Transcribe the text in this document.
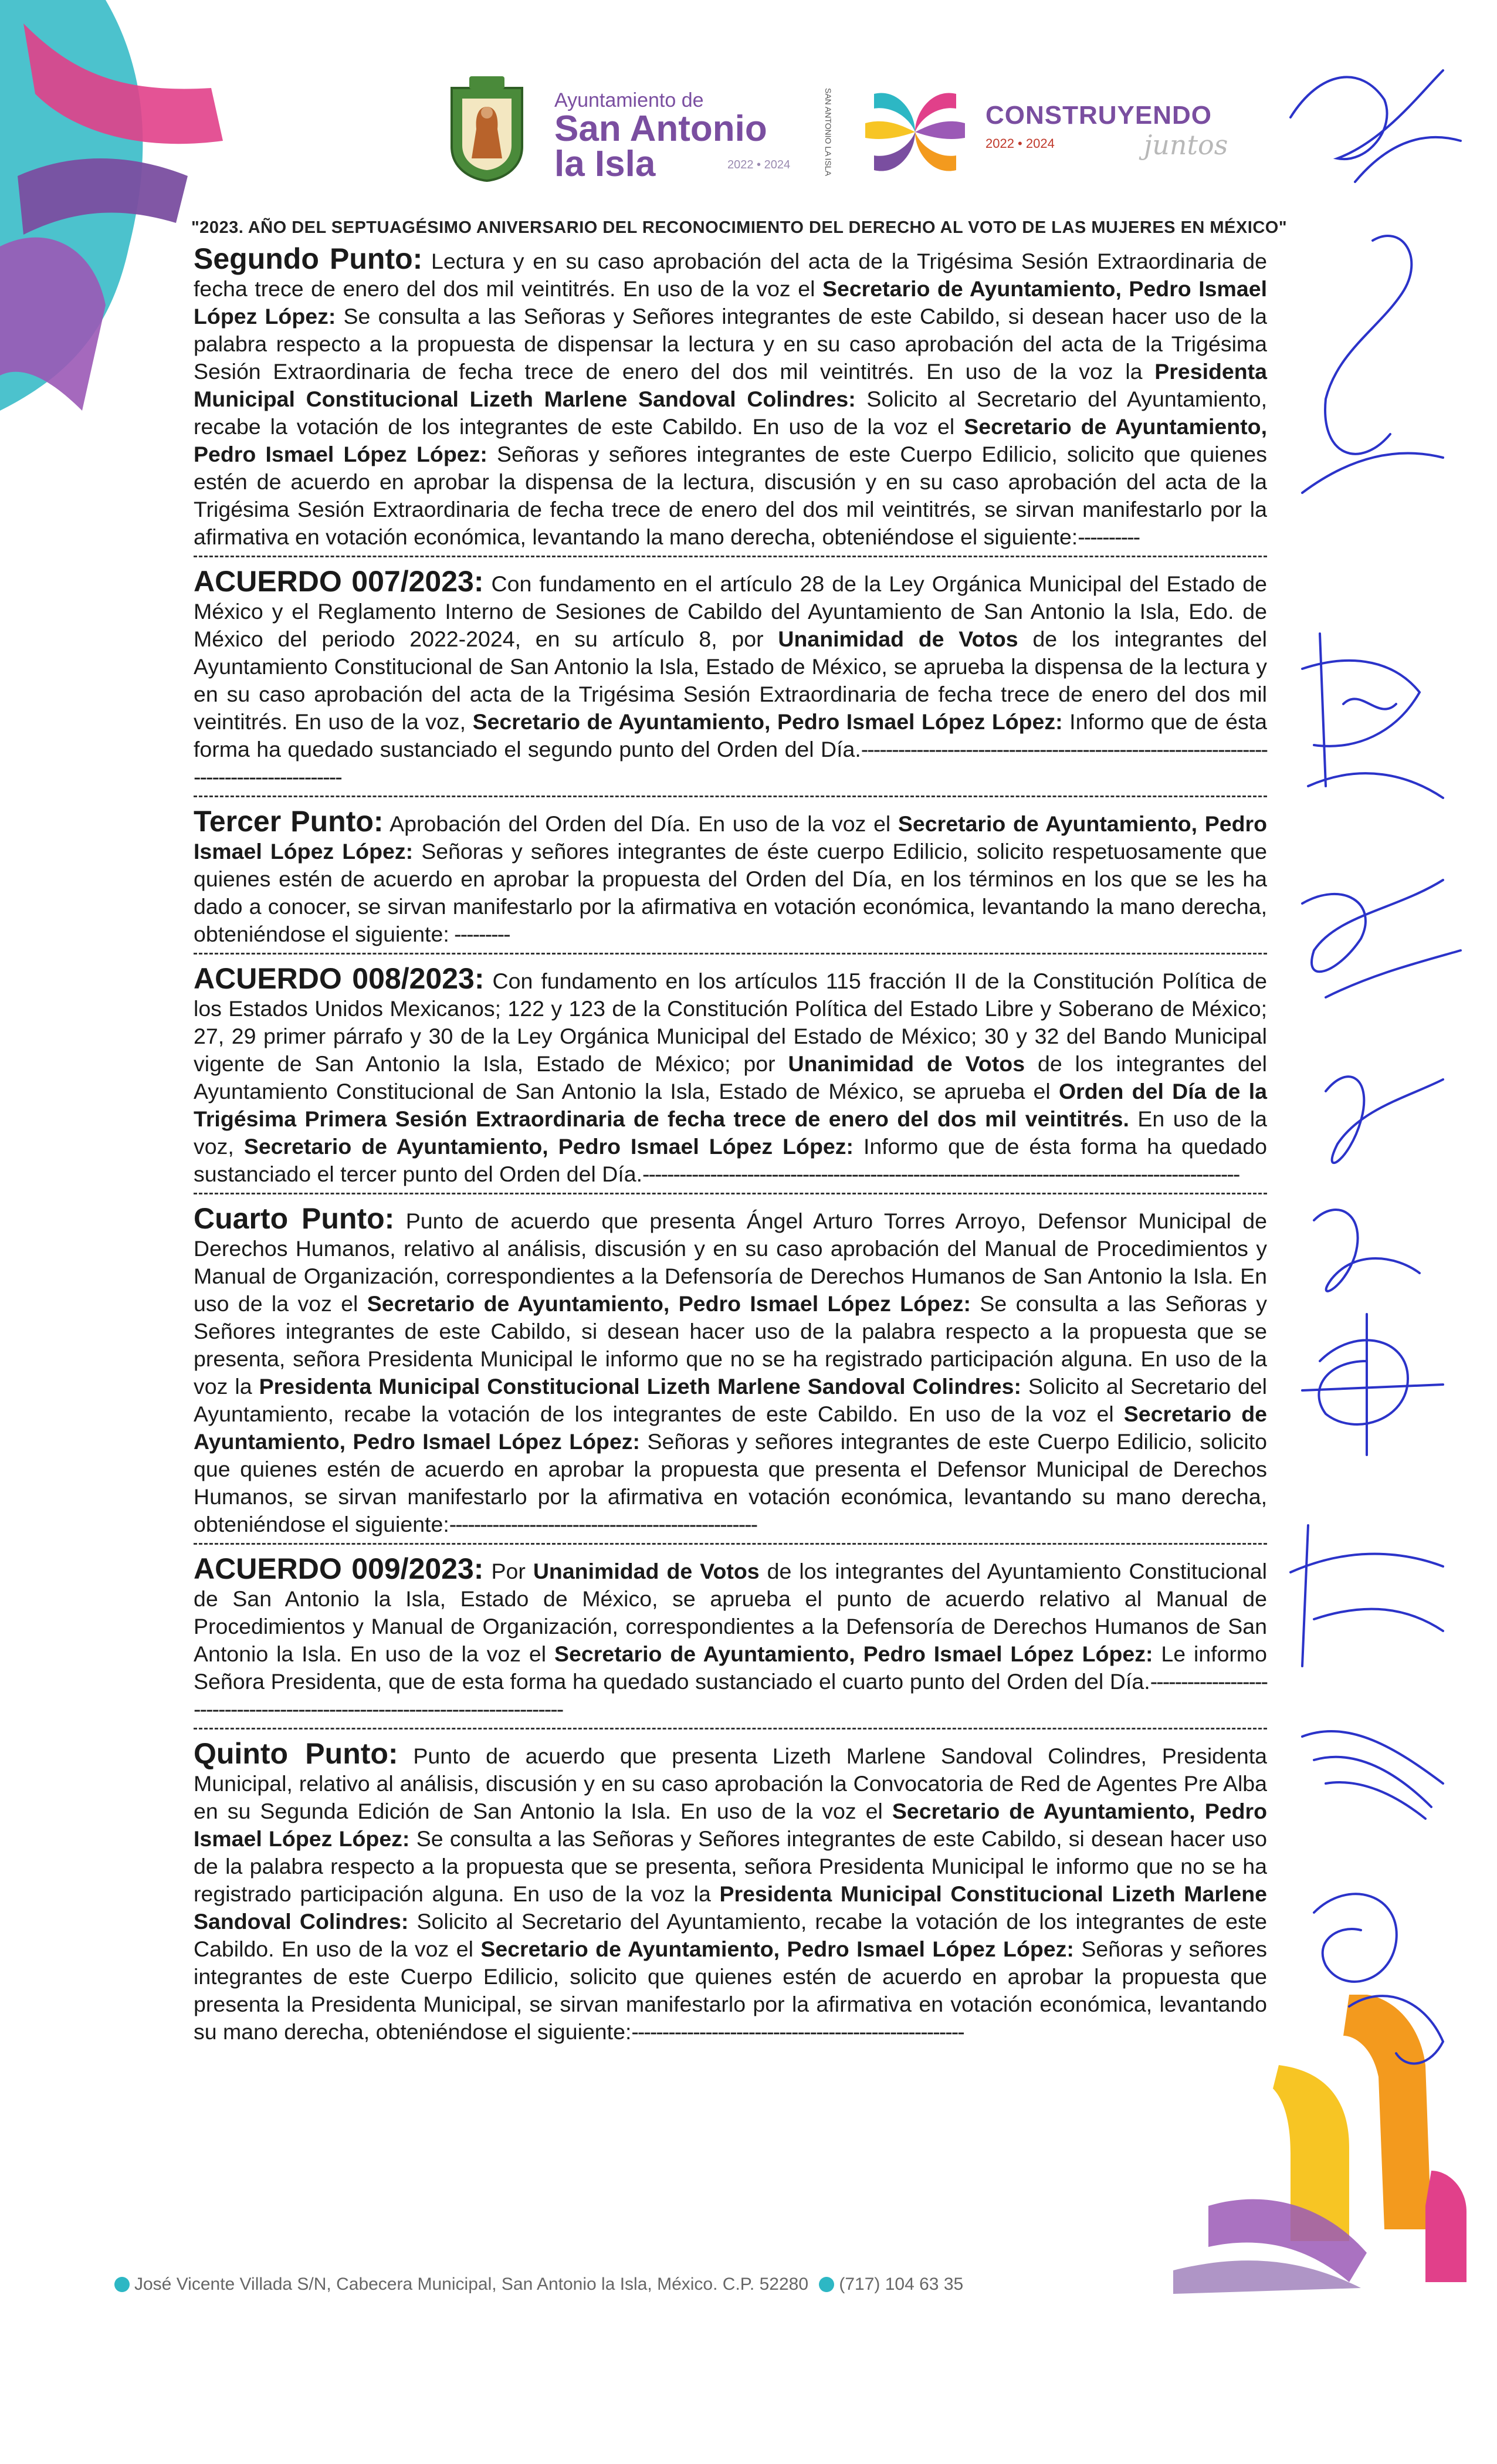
Ayuntamiento de
San Antonio
la Isla	2022 • 2024	SAN ANTONIO LA ISLA	CONSTRUYENDO
2022 • 2024	juntos
"2023. AÑO DEL SEPTUAGÉSIMO ANIVERSARIO DEL RECONOCIMIENTO DEL DERECHO AL VOTO DE LAS MUJERES EN MÉXICO"

Segundo Punto: Lectura y en su caso aprobación del acta de la Trigésima Sesión Extraordinaria de fecha trece de enero del dos mil veintitrés. En uso de la voz el Secretario de Ayuntamiento, Pedro Ismael López López: Se consulta a las Señoras y Señores integrantes de este Cabildo, si desean hacer uso de la palabra respecto a la propuesta de dispensar la lectura y en su caso aprobación del acta de la Trigésima Sesión Extraordinaria de fecha trece de enero del dos mil veintitrés. En uso de la voz la Presidenta Municipal Constitucional Lizeth Marlene Sandoval Colindres: Solicito al Secretario del Ayuntamiento, recabe la votación de los integrantes de este Cabildo. En uso de la voz el Secretario de Ayuntamiento, Pedro Ismael López López: Señoras y señores integrantes de este Cuerpo Edilicio, solicito que quienes estén de acuerdo en aprobar la dispensa de la lectura, discusión y en su caso aprobación del acta de la Trigésima Sesión Extraordinaria de fecha trece de enero del dos mil veintitrés, se sirvan manifestarlo por la afirmativa en votación económica, levantando la mano derecha, obteniéndose el siguiente:----------

ACUERDO 007/2023: Con fundamento en el artículo 28 de la Ley Orgánica Municipal del Estado de México y el Reglamento Interno de Sesiones de Cabildo del Ayuntamiento de San Antonio la Isla, Edo. de México del periodo 2022-2024, en su artículo 8, por Unanimidad de Votos de los integrantes del Ayuntamiento Constitucional de San Antonio la Isla, Estado de México, se aprueba la dispensa de la lectura y en su caso aprobación del acta de la Trigésima Sesión Extraordinaria de fecha trece de enero del dos mil veintitrés. En uso de la voz, Secretario de Ayuntamiento, Pedro Ismael López López: Informo que de ésta forma ha quedado sustanciado el segundo punto del Orden del Día.------------------------------------------------------------------------------------------

Tercer Punto: Aprobación del Orden del Día. En uso de la voz el Secretario de Ayuntamiento, Pedro Ismael López López: Señoras y señores integrantes de éste cuerpo Edilicio, solicito respetuosamente que quienes estén de acuerdo en aprobar la propuesta del Orden del Día, en los términos en los que se les ha dado a conocer, se sirvan manifestarlo por la afirmativa en votación económica, levantando la mano derecha, obteniéndose el siguiente: ---------

ACUERDO 008/2023: Con fundamento en los artículos 115 fracción II de la Constitución Política de los Estados Unidos Mexicanos; 122 y 123 de la Constitución Política del Estado Libre y Soberano de México; 27, 29 primer párrafo y 30 de la Ley Orgánica Municipal del Estado de México; 30 y 32 del Bando Municipal vigente de San Antonio la Isla, Estado de México; por Unanimidad de Votos de los integrantes del Ayuntamiento Constitucional de San Antonio la Isla, Estado de México, se aprueba el Orden del Día de la Trigésima Primera Sesión Extraordinaria de fecha trece de enero del dos mil veintitrés. En uso de la voz, Secretario de Ayuntamiento, Pedro Ismael López López: Informo que de ésta forma ha quedado sustanciado el tercer punto del Orden del Día.-------------------------------------------------------------------------------------------------

Cuarto Punto: Punto de acuerdo que presenta Ángel Arturo Torres Arroyo, Defensor Municipal de Derechos Humanos, relativo al análisis, discusión y en su caso aprobación del Manual de Procedimientos y Manual de Organización, correspondientes a la Defensoría de Derechos Humanos de San Antonio la Isla. En uso de la voz el Secretario de Ayuntamiento, Pedro Ismael López López: Se consulta a las Señoras y Señores integrantes de este Cabildo, si desean hacer uso de la palabra respecto a la propuesta que se presenta, señora Presidenta Municipal le informo que no se ha registrado participación alguna. En uso de la voz la Presidenta Municipal Constitucional Lizeth Marlene Sandoval Colindres: Solicito al Secretario del Ayuntamiento, recabe la votación de los integrantes de este Cabildo. En uso de la voz el Secretario de Ayuntamiento, Pedro Ismael López López: Señoras y señores integrantes de este Cuerpo Edilicio, solicito que quienes estén de acuerdo en aprobar la propuesta que presenta el Defensor Municipal de Derechos Humanos, se sirvan manifestarlo por la afirmativa en votación económica, levantando su mano derecha, obteniéndose el siguiente:--------------------------------------------------

ACUERDO 009/2023: Por Unanimidad de Votos de los integrantes del Ayuntamiento Constitucional de San Antonio la Isla, Estado de México, se aprueba el punto de acuerdo relativo al Manual de Procedimientos y Manual de Organización, correspondientes a la Defensoría de Derechos Humanos de San Antonio la Isla. En uso de la voz el Secretario de Ayuntamiento, Pedro Ismael López López: Le informo Señora Presidenta, que de esta forma ha quedado sustanciado el cuarto punto del Orden del Día.-------------------------------------------------------------------------------

Quinto Punto: Punto de acuerdo que presenta Lizeth Marlene Sandoval Colindres, Presidenta Municipal, relativo al análisis, discusión y en su caso aprobación la Convocatoria de Red de Agentes Pre Alba en su Segunda Edición de San Antonio la Isla. En uso de la voz el Secretario de Ayuntamiento, Pedro Ismael López López: Se consulta a las Señoras y Señores integrantes de este Cabildo, si desean hacer uso de la palabra respecto a la propuesta que se presenta, señora Presidenta Municipal le informo que no se ha registrado participación alguna. En uso de la voz la Presidenta Municipal Constitucional Lizeth Marlene Sandoval Colindres: Solicito al Secretario del Ayuntamiento, recabe la votación de los integrantes de este Cabildo. En uso de la voz el Secretario de Ayuntamiento, Pedro Ismael López López: Señoras y señores integrantes de este Cuerpo Edilicio, solicito que quienes estén de acuerdo en aprobar la propuesta que presenta la Presidenta Municipal, se sirvan manifestarlo por la afirmativa en votación económica, levantando su mano derecha, obteniéndose el siguiente:------------------------------------------------------

José Vicente Villada S/N, Cabecera Municipal, San Antonio la Isla, México. C.P. 52280 (717) 104 63 35
